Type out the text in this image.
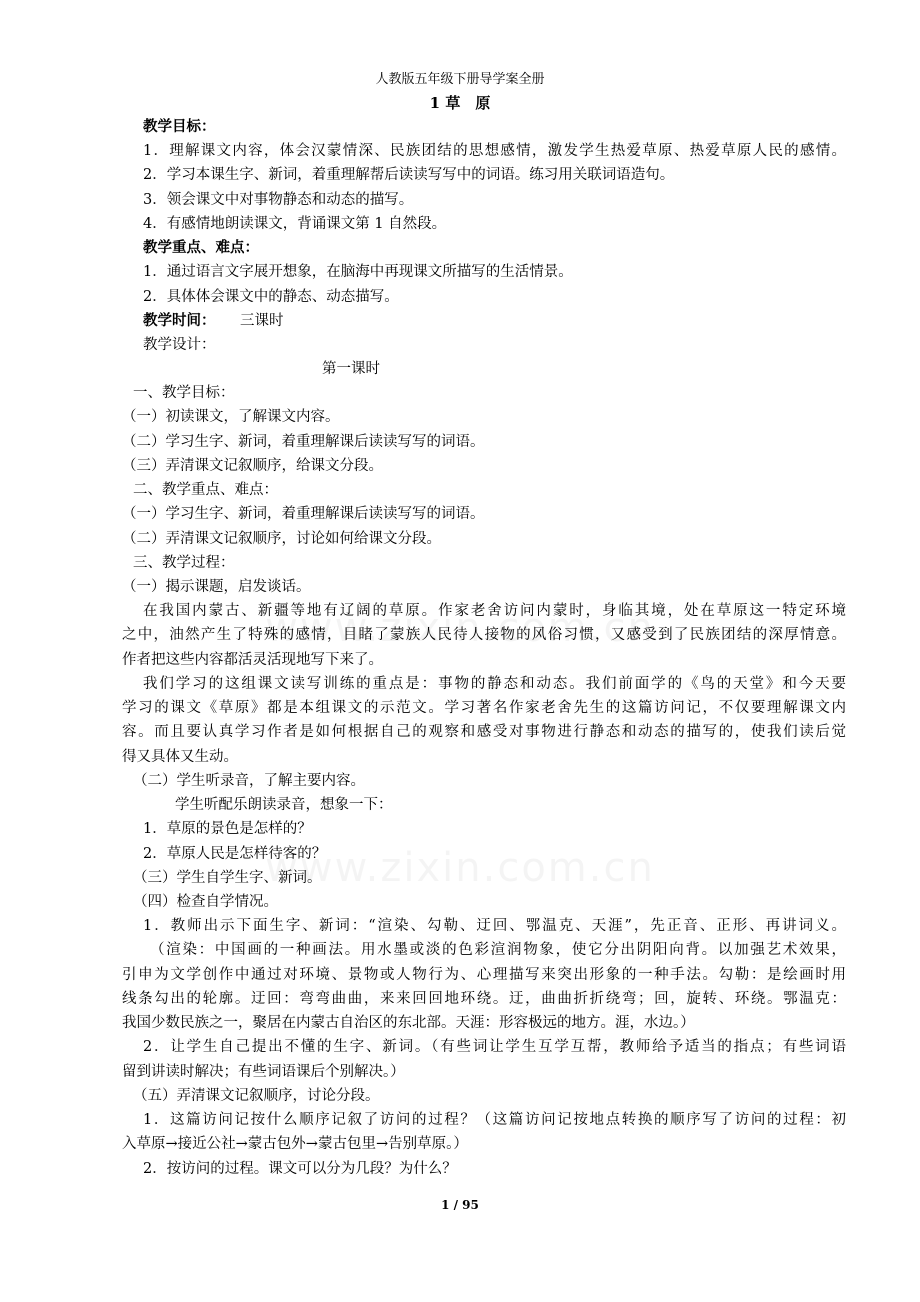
人教版五年级下册导学案全册
1 草　原
教学目标：
1．理解课文内容，体会汉蒙情深、民族团结的思想感情，激发学生热爱草原、热爱草原人民的感情。
2．学习本课生字、新词，着重理解帮后读读写写中的词语。练习用关联词语造句。
3．领会课文中对事物静态和动态的描写。
4．有感情地朗读课文，背诵课文第 1 自然段。
教学重点、难点：
1．通过语言文字展开想象，在脑海中再现课文所描写的生活情景。
2．具体体会课文中的静态、动态描写。
教学时间：	三课时
教学设计：
第一课时
一、教学目标：
（一）初读课文，了解课文内容。
（二）学习生字、新词，着重理解课后读读写写的词语。
（三）弄清课文记叙顺序，给课文分段。
二、教学重点、难点：
（一）学习生字、新词，着重理解课后读读写写的词语。
（二）弄清课文记叙顺序，讨论如何给课文分段。
三、教学过程：
（一）揭示课题，启发谈话。
在我国内蒙古、新疆等地有辽阔的草原。作家老舍访问内蒙时，身临其境，处在草原这一特定环境
之中，油然产生了特殊的感情，目睹了蒙族人民待人接物的风俗习惯，又感受到了民族团结的深厚情意。
作者把这些内容都活灵活现地写下来了。
我们学习的这组课文读写训练的重点是：事物的静态和动态。我们前面学的《鸟的天堂》和今天要
学习的课文《草原》都是本组课文的示范文。学习著名作家老舍先生的这篇访问记，不仅要理解课文内
容。而且要认真学习作者是如何根据自己的观察和感受对事物进行静态和动态的描写的，使我们读后觉
得又具体又生动。
（二）学生听录音，了解主要内容。
学生听配乐朗读录音，想象一下：
1．草原的景色是怎样的？
2．草原人民是怎样待客的？
（三）学生自学生字、新词。
（四）检查自学情况。
1．教师出示下面生字、新词：“渲染、勾勒、迂回、鄂温克、天涯”，先正音、正形、再讲词义。
（渲染：中国画的一种画法。用水墨或淡的色彩渲润物象，使它分出阴阳向背。以加强艺术效果，
引申为文学创作中通过对环境、景物或人物行为、心理描写来突出形象的一种手法。勾勒：是绘画时用
线条勾出的轮廓。迂回：弯弯曲曲，来来回回地环绕。迂，曲曲折折绕弯；回，旋转、环绕。鄂温克：
我国少数民族之一，聚居在内蒙古自治区的东北部。天涯：形容极远的地方。涯，水边。）
2．让学生自己提出不懂的生字、新词。（有些词让学生互学互帮，教师给予适当的指点；有些词语
留到讲读时解决；有些词语课后个别解决。）
（五）弄清课文记叙顺序，讨论分段。
1．这篇访问记按什么顺序记叙了访问的过程？（这篇访问记按地点转换的顺序写了访问的过程：初
入草原→接近公社→蒙古包外→蒙古包里→告别草原。）
2．按访问的过程。课文可以分为几段？为什么？
1 / 95
